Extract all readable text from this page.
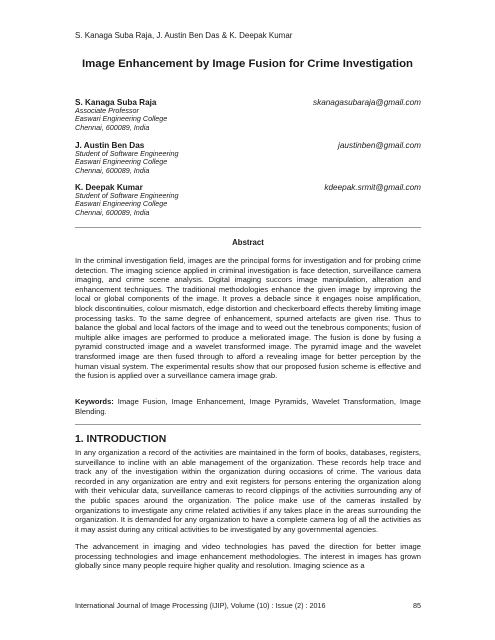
S. Kanaga Suba Raja, J. Austin Ben Das & K. Deepak Kumar
Image Enhancement by Image Fusion for Crime Investigation
S. Kanaga Suba Raja	skanagasubaraja@gmail.com
Associate Professor
Easwari Engineering College
Chennai, 600089, India
J. Austin Ben Das	jaustinben@gmail.com
Student of Software Engineering
Easwari Engineering College
Chennai, 600089, India
K. Deepak Kumar	kdeepak.srmit@gmail.com
Student of Software Engineering
Easwari Engineering College
Chennai, 600089, India
Abstract
In the criminal investigation field, images are the principal forms for investigation and for probing crime detection. The imaging science applied in criminal investigation is face detection, surveillance camera imaging, and crime scene analysis. Digital imaging succors image manipulation, alteration and enhancement techniques. The traditional methodologies enhance the given image by improving the local or global components of the image. It proves a debacle since it engages noise amplification, block discontinuities, colour mismatch, edge distortion and checkerboard effects thereby limiting image processing tasks. To the same degree of enhancement, spurned artefacts are given rise. Thus to balance the global and local factors of the image and to weed out the tenebrous components; fusion of multiple alike images are performed to produce a meliorated image. The fusion is done by fusing a pyramid constructed image and a wavelet transformed image. The pyramid image and the wavelet transformed image are then fused through to afford a revealing image for better perception by the human visual system. The experimental results show that our proposed fusion scheme is effective and the fusion is applied over a surveillance camera image grab.
Keywords: Image Fusion, Image Enhancement, Image Pyramids, Wavelet Transformation, Image Blending.
1. INTRODUCTION
In any organization a record of the activities are maintained in the form of books, databases, registers, surveillance to incline with an able management of the organization. These records help trace and track any of the investigation within the organization during occasions of crime. The various data recorded in any organization are entry and exit registers for persons entering the organization along with their vehicular data, surveillance cameras to record clippings of the activities surrounding any of the public spaces around the organization. The police make use of the cameras installed by organizations to investigate any crime related activities if any takes place in the areas surrounding the organization. It is demanded for any organization to have a complete camera log of all the activities as it may assist during any critical activities to be investigated by any governmental agencies.
The advancement in imaging and video technologies has paved the direction for better image processing technologies and image enhancement methodologies. The interest in images has grown globally since many people require higher quality and resolution. Imaging science as a
International Journal of Image Processing (IJIP), Volume (10) : Issue (2) : 2016	85
